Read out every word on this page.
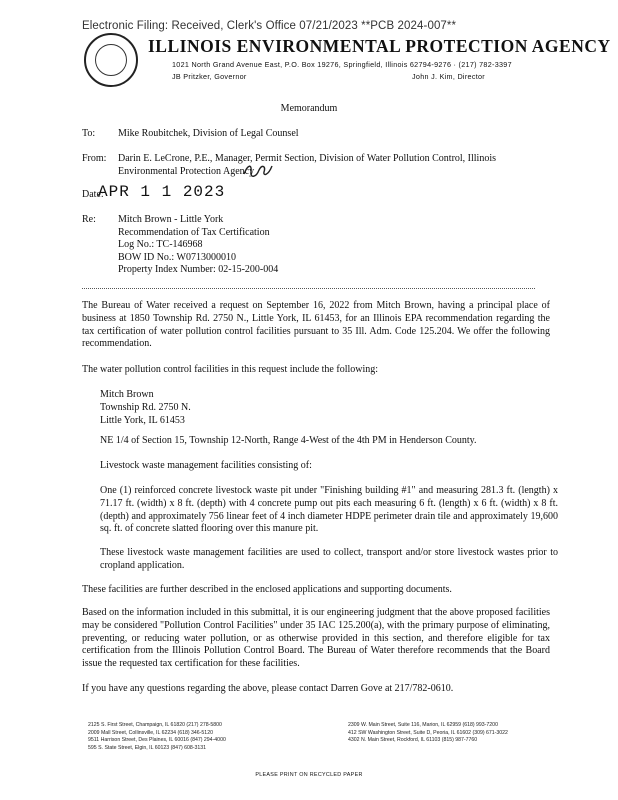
Electronic Filing: Received, Clerk's Office 07/21/2023 **PCB 2024-007**
ILLINOIS ENVIRONMENTAL PROTECTION AGENCY
1021 North Grand Avenue East, P.O. Box 19276, Springfield, Illinois 62794-9276 · (217) 782-3397
JB Pritzker, Governor	John J. Kim, Director
Memorandum
To: Mike Roubitchek, Division of Legal Counsel
From: Darin E. LeCrone, P.E., Manager, Permit Section, Division of Water Pollution Control, Illinois
Environmental Protection Agency
Date:
APR 1 1 2023
Re: Mitch Brown - Little York
Recommendation of Tax Certification
Log No.: TC-146968
BOW ID No.: W0713000010
Property Index Number: 02-15-200-004
The Bureau of Water received a request on September 16, 2022 from Mitch Brown, having a principal place of business at 1850 Township Rd. 2750 N., Little York, IL 61453, for an Illinois EPA recommendation regarding the tax certification of water pollution control facilities pursuant to 35 Ill. Adm. Code 125.204. We offer the following recommendation.
The water pollution control facilities in this request include the following:
Mitch Brown
Township Rd. 2750 N.
Little York, IL 61453
NE 1/4 of Section 15, Township 12-North, Range 4-West of the 4th PM in Henderson County.
Livestock waste management facilities consisting of:
One (1) reinforced concrete livestock waste pit under "Finishing building #1" and measuring 281.3 ft. (length) x 71.17 ft. (width) x 8 ft. (depth) with 4 concrete pump out pits each measuring 6 ft. (length) x 6 ft. (width) x 8 ft. (depth) and approximately 756 linear feet of 4 inch diameter HDPE perimeter drain tile and approximately 19,600 sq. ft. of concrete slatted flooring over this manure pit.
These livestock waste management facilities are used to collect, transport and/or store livestock wastes prior to cropland application.
These facilities are further described in the enclosed applications and supporting documents.
Based on the information included in this submittal, it is our engineering judgment that the above proposed facilities may be considered "Pollution Control Facilities" under 35 IAC 125.200(a), with the primary purpose of eliminating, preventing, or reducing water pollution, or as otherwise provided in this section, and therefore eligible for tax certification from the Illinois Pollution Control Board. The Bureau of Water therefore recommends that the Board issue the requested tax certification for these facilities.
If you have any questions regarding the above, please contact Darren Gove at 217/782-0610.
2125 S. First Street, Champaign, IL 61820 (217) 278-5800
2009 Mall Street, Collinsville, IL 62234 (618) 346-5120
9511 Harrison Street, Des Plaines, IL 60016 (847) 294-4000
595 S. State Street, Elgin, IL 60123 (847) 608-3131
2309 W. Main Street, Suite 116, Marion, IL 62959 (618) 993-7200
412 SW Washington Street, Suite D, Peoria, IL 61602 (309) 671-3022
4302 N. Main Street, Rockford, IL 61103 (815) 987-7760
PLEASE PRINT ON RECYCLED PAPER
